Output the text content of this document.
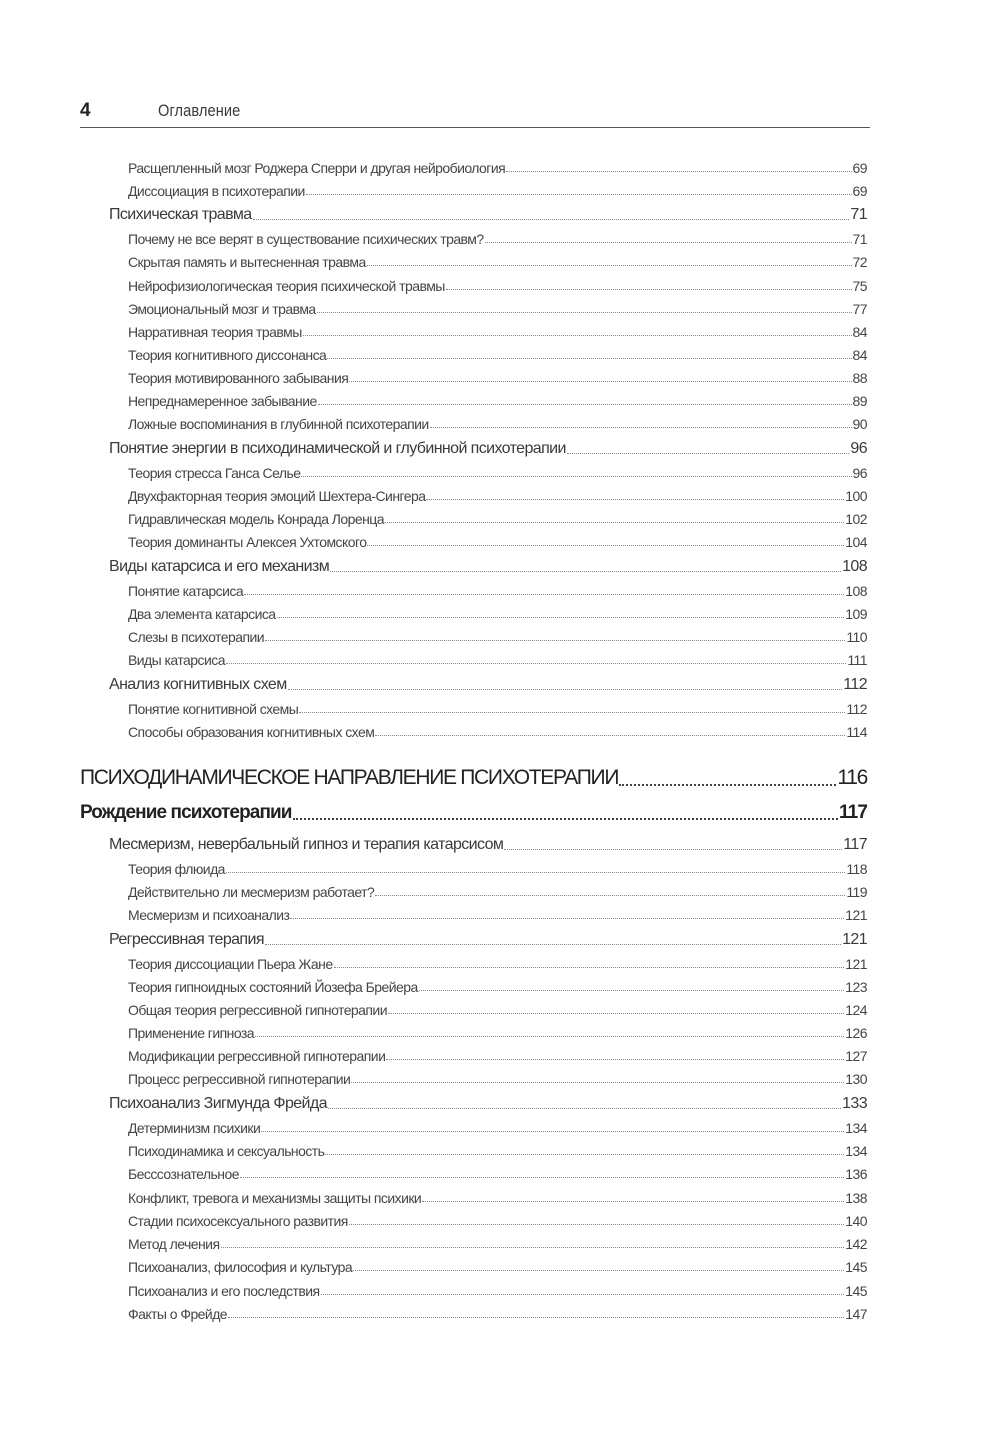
4	Оглавление
Расщепленный мозг Роджера Сперри и другая нейробиология	69
Диссоциация в психотерапии	69
Психическая травма	71
Почему не все верят в существование психических травм?	71
Скрытая память и вытесненная травма	72
Нейрофизиологическая теория психической травмы	75
Эмоциональный мозг и травма	77
Нарративная теория травмы	84
Теория когнитивного диссонанса	84
Теория мотивированного забывания	88
Непреднамеренное забывание	89
Ложные воспоминания в глубинной психотерапии	90
Понятие энергии в психодинамической и глубинной психотерапии	96
Теория стресса Ганса Селье	96
Двухфакторная теория эмоций Шехтера-Сингера	100
Гидравлическая модель Конрада Лоренца	102
Теория доминанты Алексея Ухтомского	104
Виды катарсиса и его механизм	108
Понятие катарсиса	108
Два элемента катарсиса	109
Слезы в психотерапии	110
Виды катарсиса	111
Анализ когнитивных схем	112
Понятие когнитивной схемы	112
Способы образования когнитивных схем	114
ПСИХОДИНАМИЧЕСКОЕ НАПРАВЛЕНИЕ ПСИХОТЕРАПИИ	116
Рождение психотерапии	117
Месмеризм, невербальный гипноз и терапия катарсисом	117
Теория флюида	118
Действительно ли месмеризм работает?	119
Месмеризм и психоанализ	121
Регрессивная терапия	121
Теория диссоциации Пьера Жане	121
Теория гипноидных состояний Йозефа Брейера	123
Общая теория регрессивной гипнотерапии	124
Применение гипноза	126
Модификации регрессивной гипнотерапии	127
Процесс регрессивной гипнотерапии	130
Психоанализ Зигмунда Фрейда	133
Детерминизм психики	134
Психодинамика и сексуальность	134
Бесссознательное	136
Конфликт, тревога и механизмы защиты психики	138
Стадии психосексуального развития	140
Метод лечения	142
Психоанализ, философия и культура	145
Психоанализ и его последствия	145
Факты о Фрейде	147
